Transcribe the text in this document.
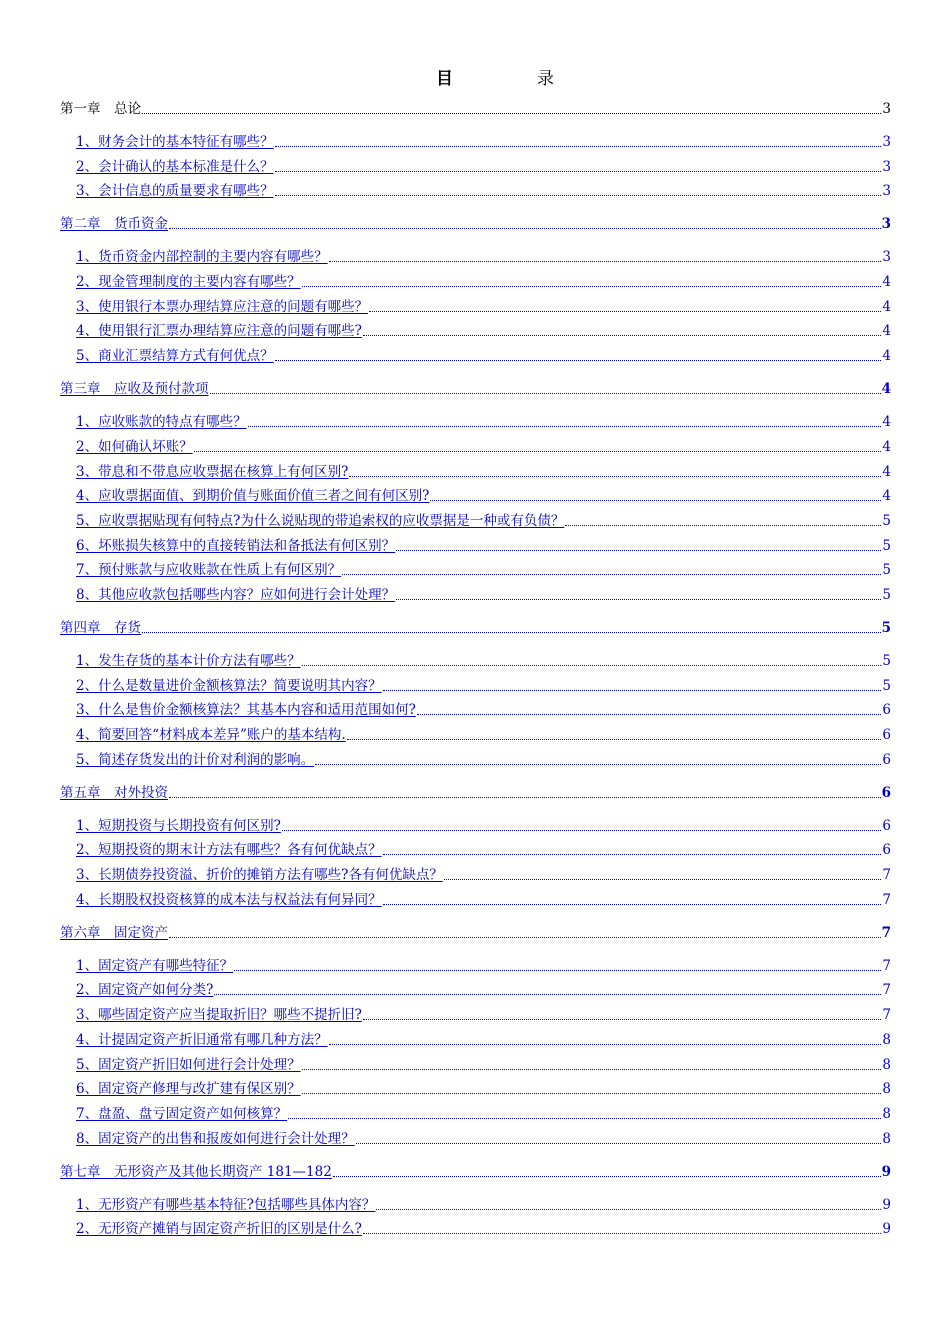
目	录
第一章　总论	3
1、财务会计的基本特征有哪些？	3
2、会计确认的基本标准是什么？	3
3、会计信息的质量要求有哪些？	3
第二章　货币资金	3
1、货币资金内部控制的主要内容有哪些？	3
2、现金管理制度的主要内容有哪些？	4
3、使用银行本票办理结算应注意的问题有哪些？	4
4、使用银行汇票办理结算应注意的问题有哪些?	4
5、商业汇票结算方式有何优点？	4
第三章　应收及预付款项	4
1、应收账款的特点有哪些？	4
2、如何确认坏账？	4
3、带息和不带息应收票据在核算上有何区别?	4
4、应收票据面值、到期价值与账面价值三者之间有何区别?	4
5、应收票据贴现有何特点?为什么说贴现的带追索权的应收票据是一种或有负债？	5
6、坏账损失核算中的直接转销法和备抵法有何区别？	5
7、预付账款与应收账款在性质上有何区别？	5
8、其他应收款包括哪些内容？应如何进行会计处理？	5
第四章　存货	5
1、发生存货的基本计价方法有哪些？	5
2、什么是数量进价金额核算法？简要说明其内容？	5
3、什么是售价金额核算法？其基本内容和适用范围如何?	6
4、简要回答“材料成本差异”账户的基本结构.	6
5、简述存货发出的计价对利润的影响。	6
第五章　对外投资	6
1、短期投资与长期投资有何区别?	6
2、短期投资的期末计方法有哪些？各有何优缺点？	6
3、长期债券投资溢、折价的摊销方法有哪些?各有何优缺点？	7
4、长期股权投资核算的成本法与权益法有何异同？	7
第六章　固定资产	7
1、固定资产有哪些特征？	7
2、固定资产如何分类?	7
3、哪些固定资产应当提取折旧？哪些不提折旧?	7
4、计提固定资产折旧通常有哪几种方法？	8
5、固定资产折旧如何进行会计处理？	8
6、固定资产修理与改扩建有保区别？	8
7、盘盈、盘亏固定资产如何核算？	8
8、固定资产的出售和报废如何进行会计处理？	8
第七章　无形资产及其他长期资产 181—182	9
1、无形资产有哪些基本特征?包括哪些具体内容？	9
2、无形资产摊销与固定资产折旧的区别是什么?	9
